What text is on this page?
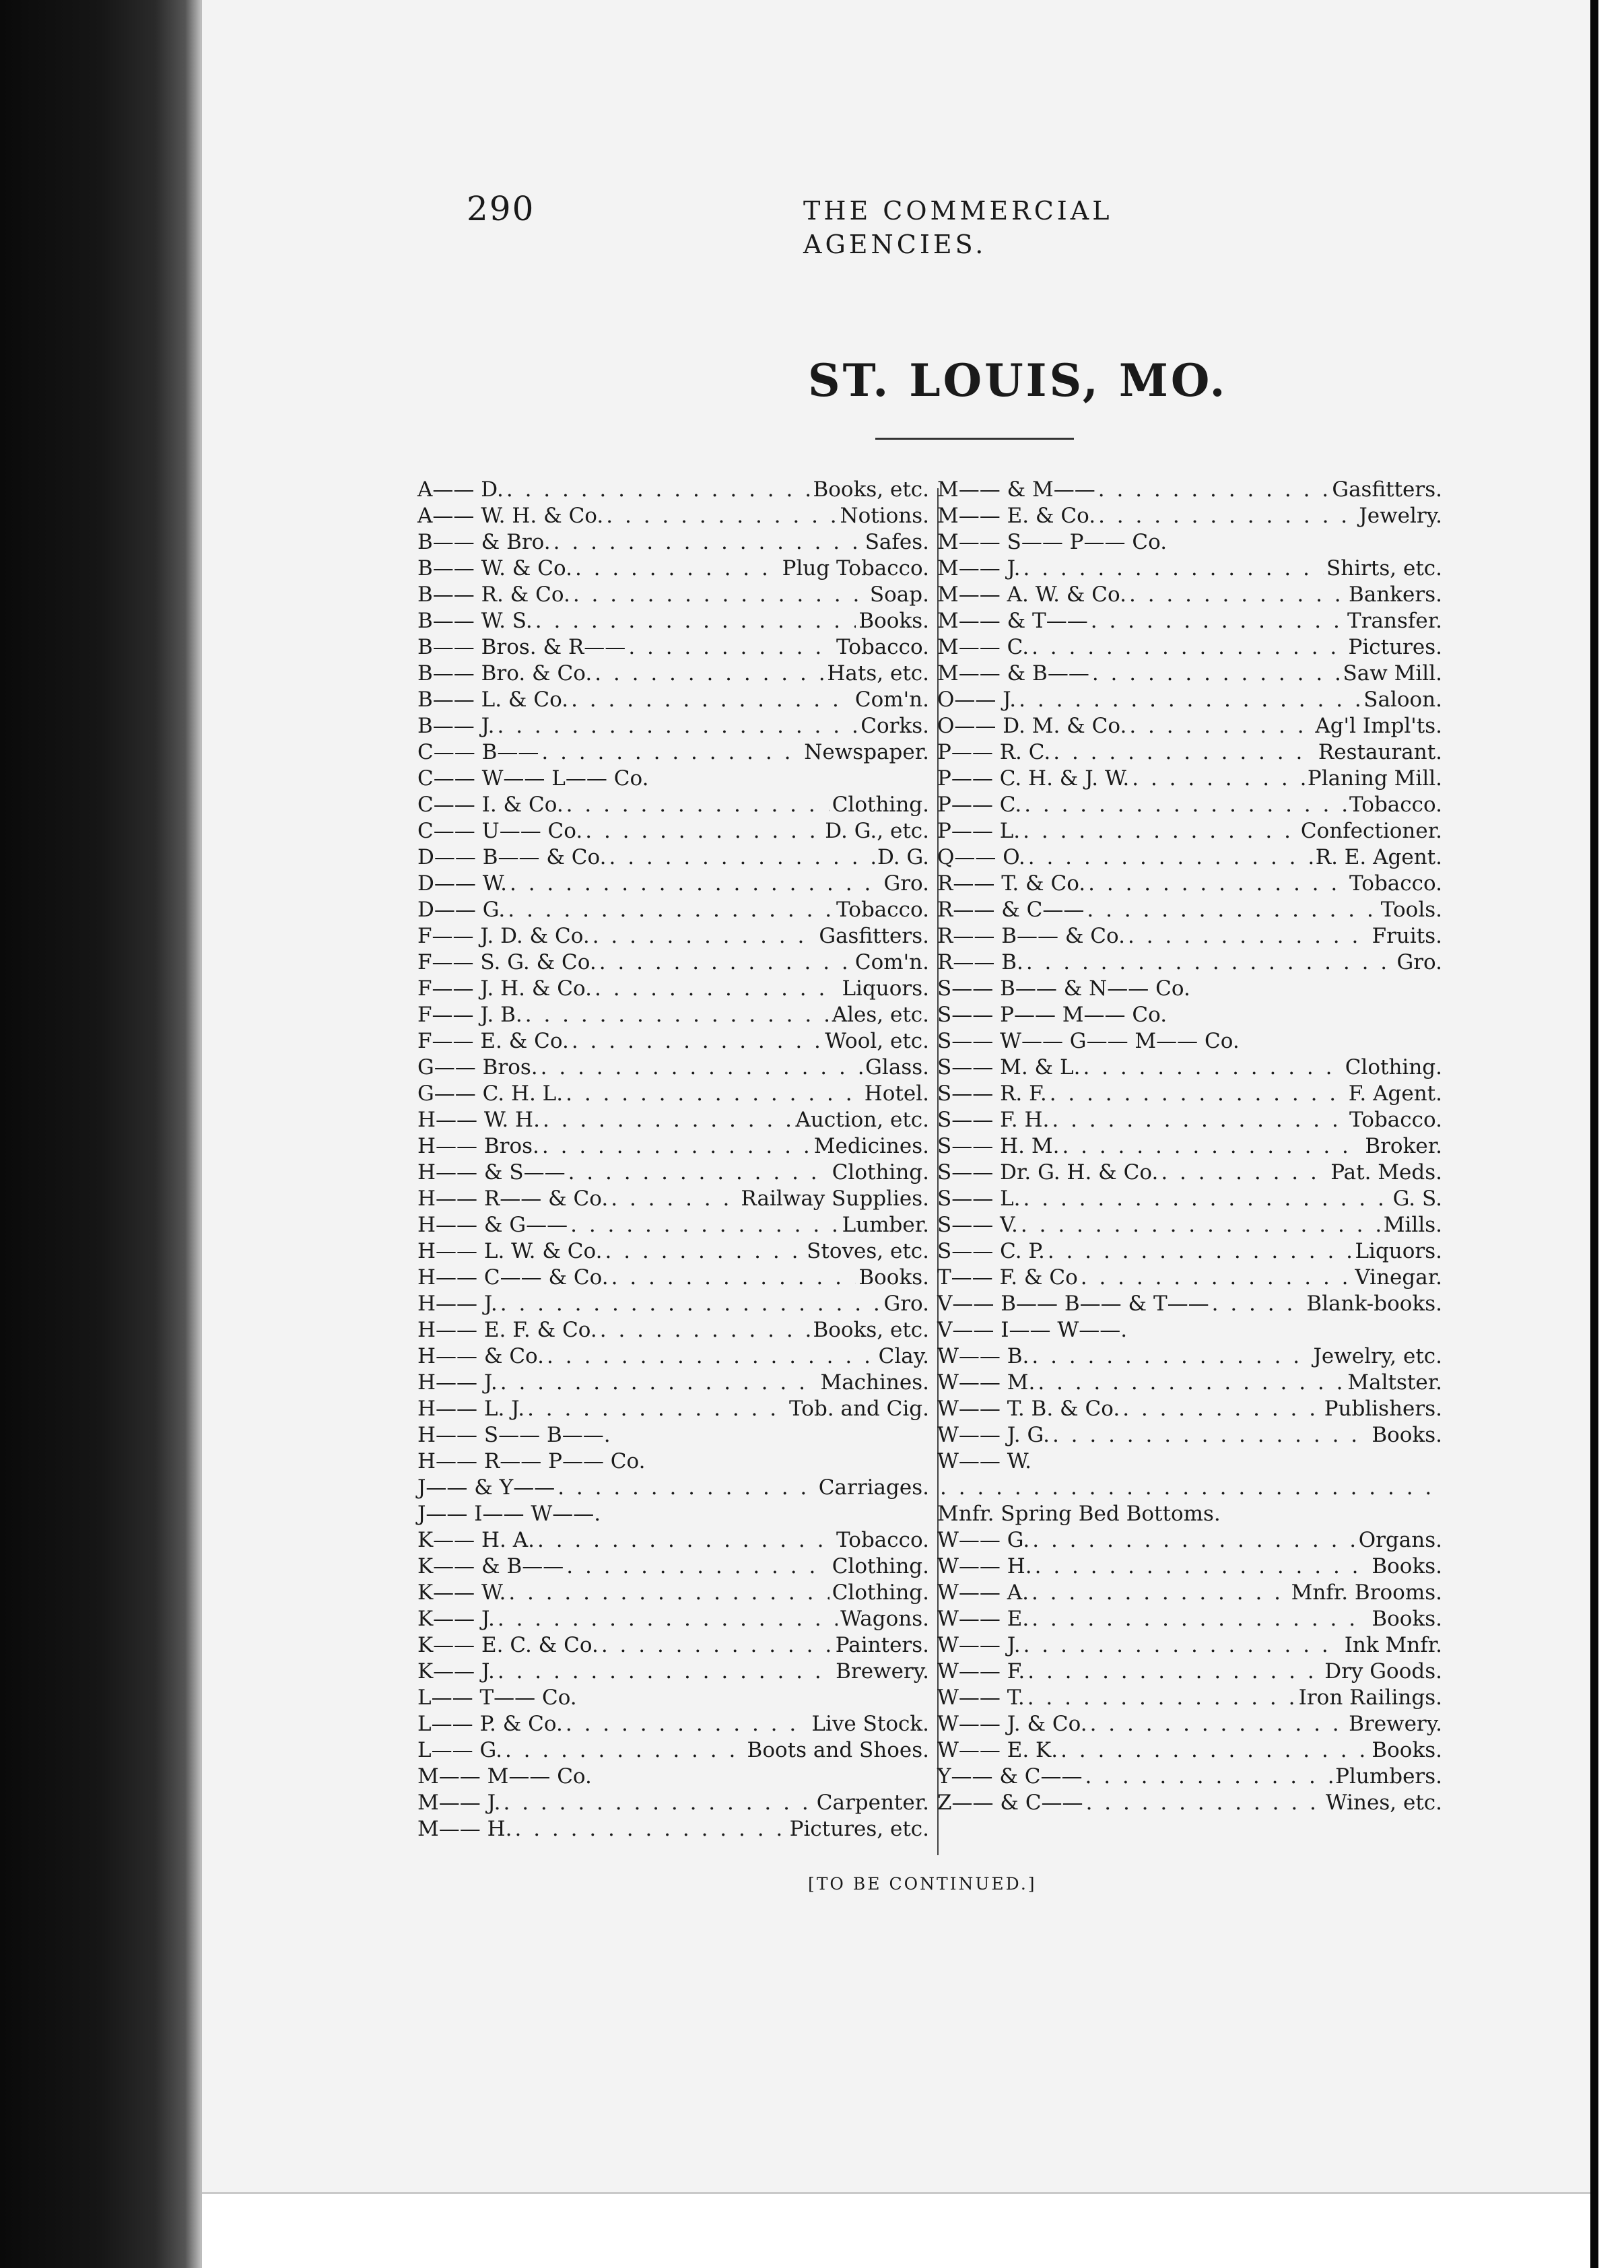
290	THE COMMERCIAL AGENCIES.
ST. LOUIS, MO.
A—— D. . . .	Books, etc.
A—— W. H. & Co. . . .	Notions.
B—— & Bro. . . .	Safes.
B—— W. & Co. . . .	Plug Tobacco.
B—— R. & Co. . . .	Soap.
B—— W. S. . . .	Books.
B—— Bros. & R—— . . .	Tobacco.
B—— Bro. & Co. . . .	Hats, etc.
B—— L. & Co. . . .	Com'n.
B—— J. . . .	Corks.
C—— B—— . . .	Newspaper.
C—— W—— L—— Co.
C—— I. & Co. . . .	Clothing.
C—— U—— Co. . . .	D. G., etc.
D—— B—— & Co. . . .	D. G.
D—— W. . . .	Gro.
D—— G. . . .	Tobacco.
F—— J. D. & Co. . . .	Gasfitters.
F—— S. G. & Co. . . .	Com'n.
F—— J. H. & Co. . . .	Liquors.
F—— J. B. . . .	Ales, etc.
F—— E. & Co. . . .	Wool, etc.
G—— Bros. . . .	Glass.
G—— C. H. L. . . .	Hotel.
H—— W. H. . . .	Auction, etc.
H—— Bros. . . .	Medicines.
H—— & S—— . . .	Clothing.
H—— R—— & Co. . . .	Railway Supplies.
H—— & G—— . . .	Lumber.
H—— L. W. & Co. . . .	Stoves, etc.
H—— C—— & Co. . . .	Books.
H—— J. . . .	Gro.
H—— E. F. & Co. . . .	Books, etc.
H—— & Co. . . .	Clay.
H—— J. . . .	Machines.
H—— L. J. . . .	Tob. and Cig.
H—— S—— B——.
H—— R—— P—— Co.
J—— & Y—— . . .	Carriages.
J—— I—— W——.
K—— H. A. . . .	Tobacco.
K—— & B—— . . .	Clothing.
K—— W. . . .	Clothing.
K—— J. . . .	Wagons.
K—— E. C. & Co. . . .	Painters.
K—— J. . . .	Brewery.
L—— T—— Co.
L—— P. & Co. . . .	Live Stock.
L—— G. . . .	Boots and Shoes.
M—— M—— Co.
M—— J. . . .	Carpenter.
M—— H. . . .	Pictures, etc.
M—— & M—— . . .	Gasfitters.
M—— E. & Co. . . .	Jewelry.
M—— S—— P—— Co.
M—— J. . . .	Shirts, etc.
M—— A. W. & Co. . . .	Bankers.
M—— & T—— . . .	Transfer.
M—— C. . . .	Pictures.
M—— & B—— . . .	Saw Mill.
O—— J. . . .	Saloon.
O—— D. M. & Co. . . .	Ag'l Impl'ts.
P—— R. C. . . .	Restaurant.
P—— C. H. & J. W. . . .	Planing Mill.
P—— C. . . .	Tobacco.
P—— L. . . .	Confectioner.
Q—— O. . . .	R. E. Agent.
R—— T. & Co. . . .	Tobacco.
R—— & C—— . . .	Tools.
R—— B—— & Co. . . .	Fruits.
R—— B. . . .	Gro.
S—— B—— & N—— Co.
S—— P—— M—— Co.
S—— W—— G—— M—— Co.
S—— M. & L. . . .	Clothing.
S—— R. F. . . .	F. Agent.
S—— F. H. . . .	Tobacco.
S—— H. M. . . .	Broker.
S—— Dr. G. H. & Co. . . .	Pat. Meds.
S—— L. . . .	G. S.
S—— V. . . .	Mills.
S—— C. P. . . .	Liquors.
T—— F. & Co . . .	Vinegar.
V—— B—— B—— & T—— . . .	Blank-books.
V—— I—— W——.
W—— B. . . .	Jewelry, etc.
W—— M. . . .	Maltster.
W—— T. B. & Co. . . .	Publishers.
W—— J. G. . . .	Books.
W—— W.
. . .
Mnfr. Spring Bed Bottoms.
W—— G. . . .	Organs.
W—— H. . . .	Books.
W—— A. . . .	Mnfr. Brooms.
W—— E. . . .	Books.
W—— J. . . .	Ink Mnfr.
W—— F. . . .	Dry Goods.
W—— T. . . .	Iron Railings.
W—— J. & Co. . . .	Brewery.
W—— E. K. . . .	Books.
Y—— & C—— . . .	Plumbers.
Z—— & C—— . . .	Wines, etc.
[TO BE CONTINUED.]
